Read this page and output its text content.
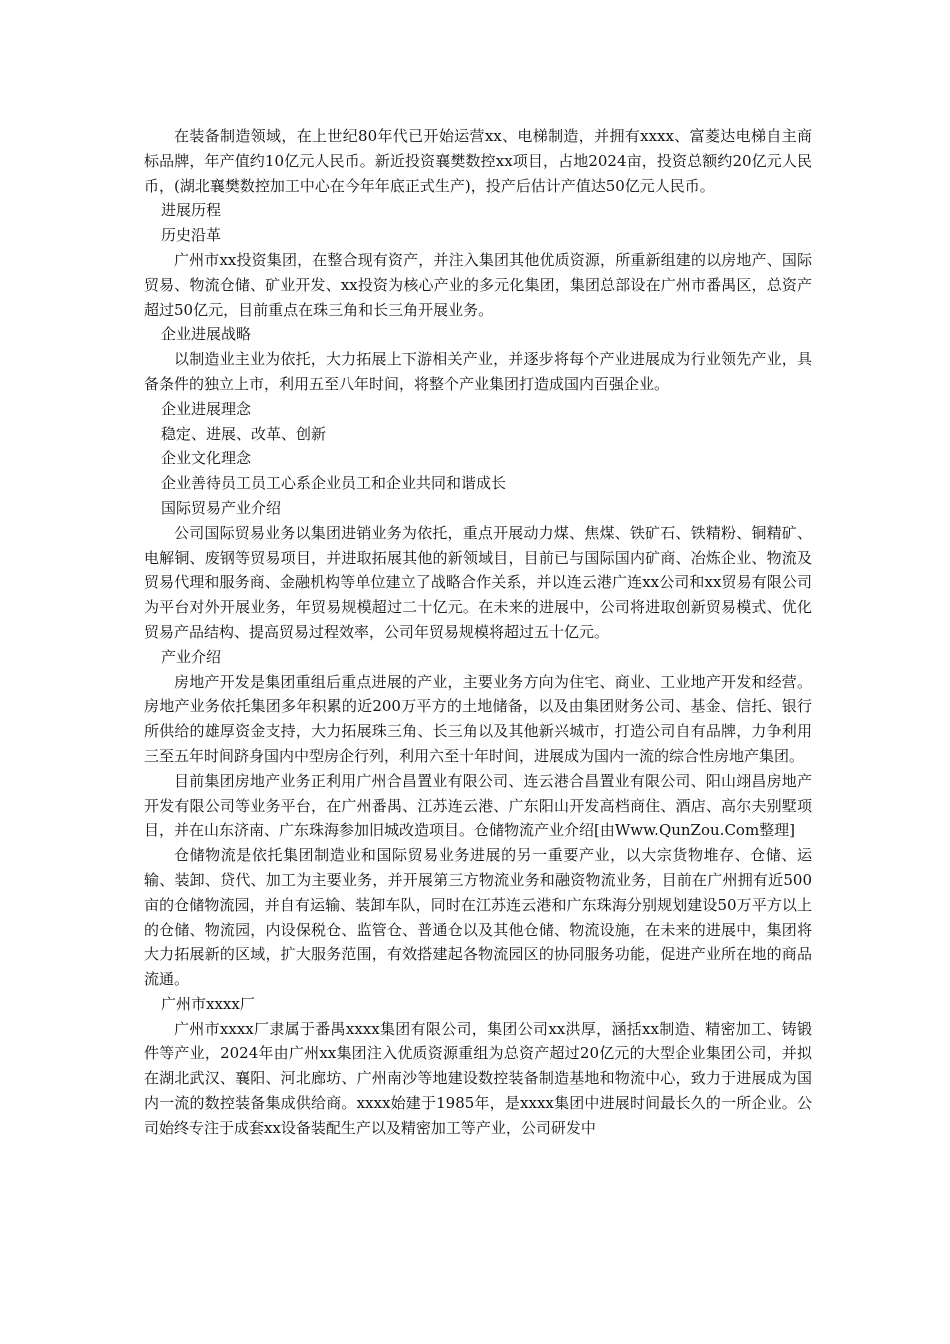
在装备制造领域，在上世纪80年代已开始运营xx、电梯制造，并拥有xxxx、富菱达电梯自主商标品牌，年产值约10亿元人民币。新近投资襄樊数控xx项目，占地2024亩，投资总额约20亿元人民币，(湖北襄樊数控加工中心在今年年底正式生产)，投产后估计产值达50亿元人民币。

进展历程

历史沿革

广州市xx投资集团，在整合现有资产，并注入集团其他优质资源，所重新组建的以房地产、国际贸易、物流仓储、矿业开发、xx投资为核心产业的多元化集团，集团总部设在广州市番禺区，总资产超过50亿元，目前重点在珠三角和长三角开展业务。

企业进展战略

以制造业主业为依托，大力拓展上下游相关产业，并逐步将每个产业进展成为行业领先产业，具备条件的独立上市，利用五至八年时间，将整个产业集团打造成国内百强企业。

企业进展理念

稳定、进展、改革、创新

企业文化理念

企业善待员工员工心系企业员工和企业共同和谐成长

国际贸易产业介绍

公司国际贸易业务以集团进销业务为依托，重点开展动力煤、焦煤、铁矿石、铁精粉、铜精矿、电解铜、废钢等贸易项目，并进取拓展其他的新领域目，目前已与国际国内矿商、冶炼企业、物流及贸易代理和服务商、金融机构等单位建立了战略合作关系，并以连云港广连xx公司和xx贸易有限公司为平台对外开展业务，年贸易规模超过二十亿元。在未来的进展中，公司将进取创新贸易模式、优化贸易产品结构、提高贸易过程效率，公司年贸易规模将超过五十亿元。

产业介绍

房地产开发是集团重组后重点进展的产业，主要业务方向为住宅、商业、工业地产开发和经营。房地产业务依托集团多年积累的近200万平方的土地储备，以及由集团财务公司、基金、信托、银行所供给的雄厚资金支持，大力拓展珠三角、长三角以及其他新兴城市，打造公司自有品牌，力争利用三至五年时间跻身国内中型房企行列，利用六至十年时间，进展成为国内一流的综合性房地产集团。

目前集团房地产业务正利用广州合昌置业有限公司、连云港合昌置业有限公司、阳山翊昌房地产开发有限公司等业务平台，在广州番禺、江苏连云港、广东阳山开发高档商住、酒店、高尔夫别墅项目，并在山东济南、广东珠海参加旧城改造项目。仓储物流产业介绍[由Www.QunZou.Com整理]

仓储物流是依托集团制造业和国际贸易业务进展的另一重要产业，以大宗货物堆存、仓储、运输、装卸、贷代、加工为主要业务，并开展第三方物流业务和融资物流业务，目前在广州拥有近500亩的仓储物流园，并自有运输、装卸车队，同时在江苏连云港和广东珠海分别规划建设50万平方以上的仓储、物流园，内设保税仓、监管仓、普通仓以及其他仓储、物流设施，在未来的进展中，集团将大力拓展新的区域，扩大服务范围，有效搭建起各物流园区的协同服务功能，促进产业所在地的商品流通。

广州市xxxx厂

广州市xxxx厂隶属于番禺xxxx集团有限公司，集团公司xx洪厚，涵括xx制造、精密加工、铸锻件等产业，2024年由广州xx集团注入优质资源重组为总资产超过20亿元的大型企业集团公司，并拟在湖北武汉、襄阳、河北廊坊、广州南沙等地建设数控装备制造基地和物流中心，致力于进展成为国内一流的数控装备集成供给商。xxxx始建于1985年，是xxxx集团中进展时间最长久的一所企业。公司始终专注于成套xx设备装配生产以及精密加工等产业，公司研发中
